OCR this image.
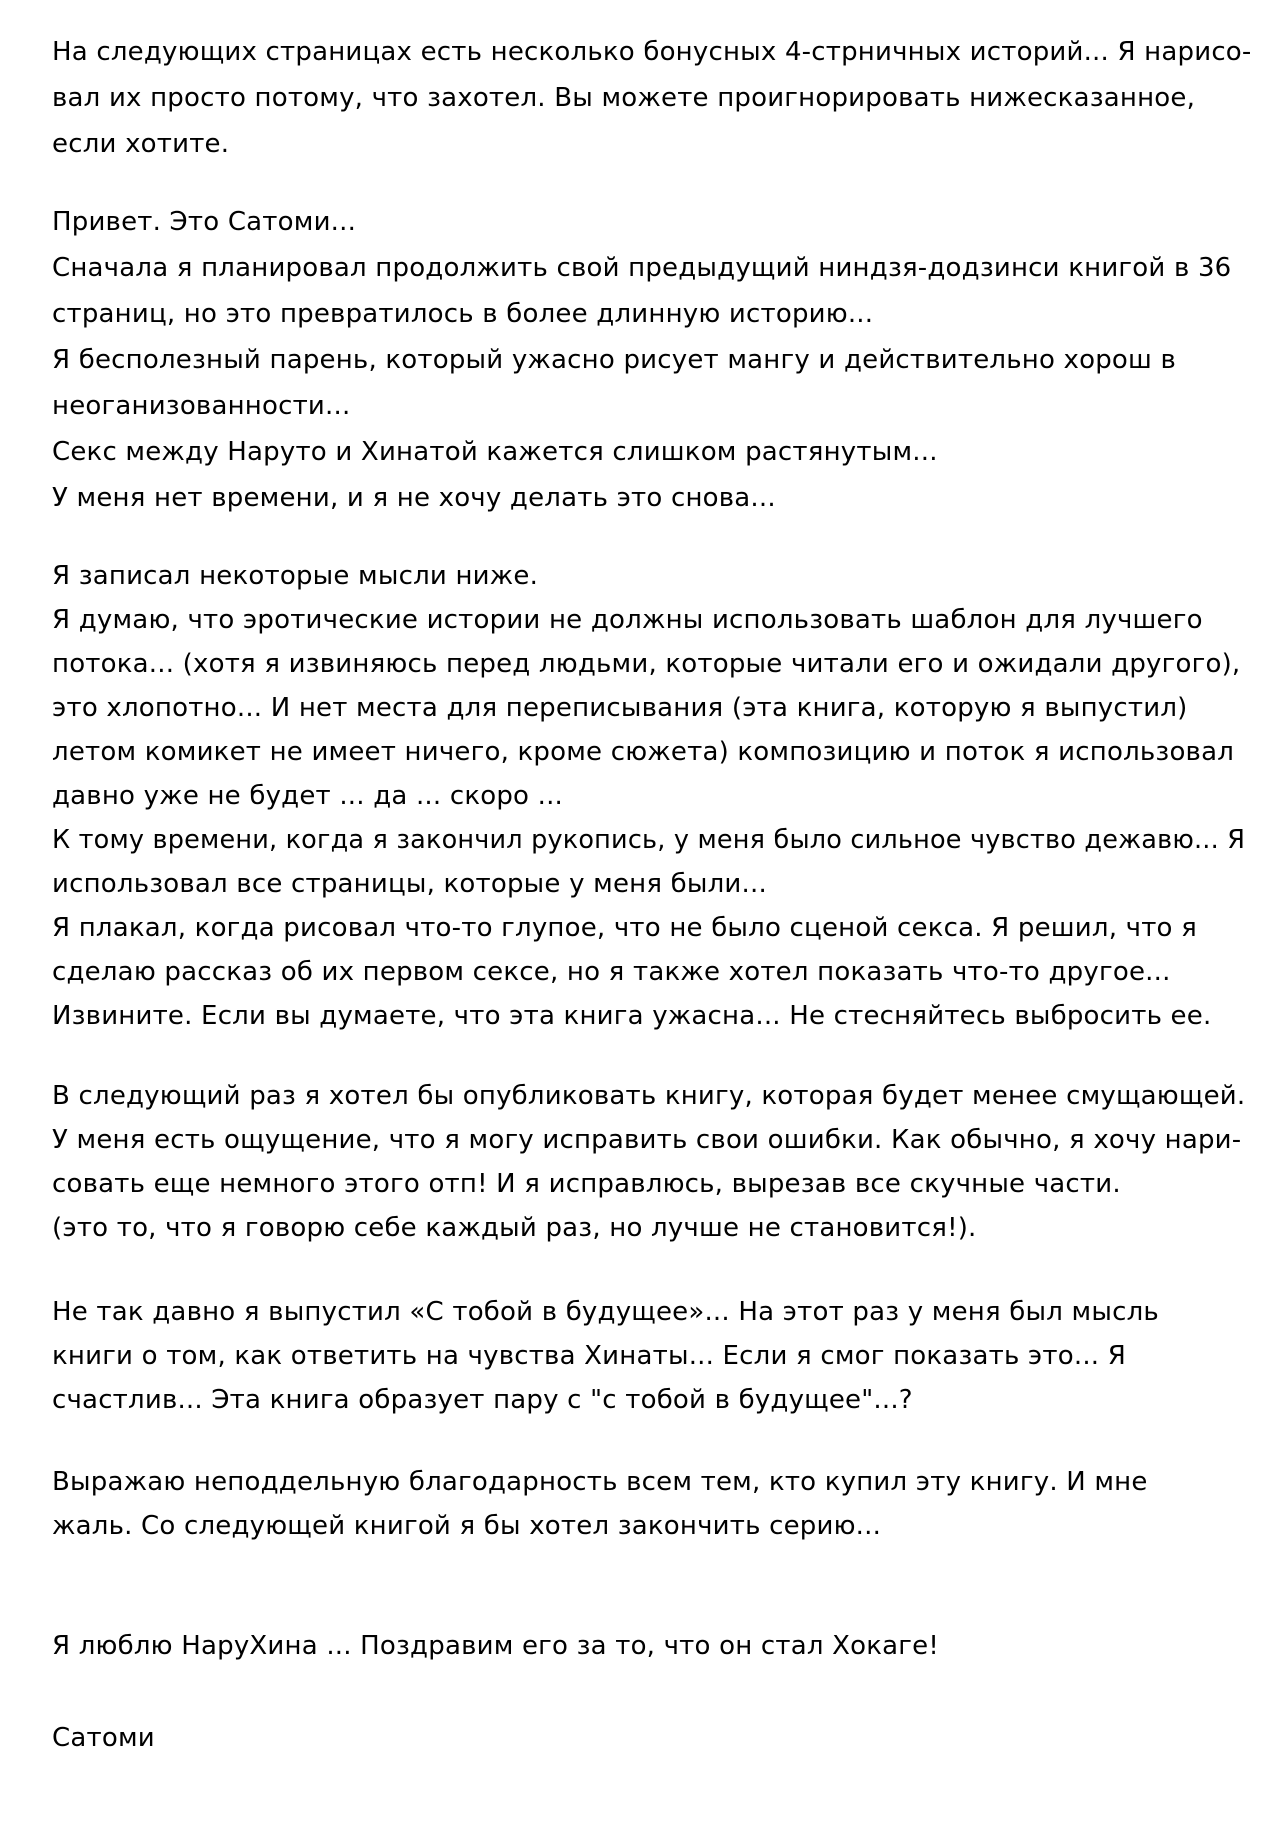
На следующих страницах есть несколько бонусных 4-стрничных историй... Я нарисо-

вал их просто потому, что захотел. Вы можете проигнорировать нижесказанное,

если хотите.

Привет. Это Сатоми...

Сначала я планировал продолжить свой предыдущий ниндзя-додзинси книгой в 36

страниц, но это превратилось в более длинную историю...

Я бесполезный парень, который ужасно рисует мангу и действительно хорош в

неоганизованности...

Секс между Наруто и Хинатой кажется слишком растянутым...

У меня нет времени, и я не хочу делать это снова...

Я записал некоторые мысли ниже.

Я думаю, что эротические истории не должны использовать шаблон для лучшего

потока... (хотя я извиняюсь перед людьми, которые читали его и ожидали другого),

это хлопотно... И нет места для переписывания (эта книга, которую я выпустил)

летом комикет не имеет ничего, кроме сюжета) композицию и поток я использовал

давно уже не будет ... да ... скоро ...

К тому времени, когда я закончил рукопись, у меня было сильное чувство дежавю... Я

использовал все страницы, которые у меня были...

Я плакал, когда рисовал что-то глупое, что не было сценой секса. Я решил, что я

сделаю рассказ об их первом сексе, но я также хотел показать что-то другое...

Извините. Если вы думаете, что эта книга ужасна... Не стесняйтесь выбросить ее.

В следующий раз я хотел бы опубликовать книгу, которая будет менее смущающей.

У меня есть ощущение, что я могу исправить свои ошибки. Как обычно, я хочу нари-

совать еще немного этого отп! И я исправлюсь, вырезав все скучные части.

(это то, что я говорю себе каждый раз, но лучше не становится!).

Не так давно я выпустил «С тобой в будущее»... На этот раз у меня был мысль

книги о том, как ответить на чувства Хинаты... Если я смог показать это... Я

счастлив... Эта книга образует пару с "с тобой в будущее"...?

Выражаю неподдельную благодарность всем тем, кто купил эту книгу. И мне

жаль. Со следующей книгой я бы хотел закончить серию...

Я люблю НаруХина ... Поздравим его за то, что он стал Хокаге!

Сатоми
